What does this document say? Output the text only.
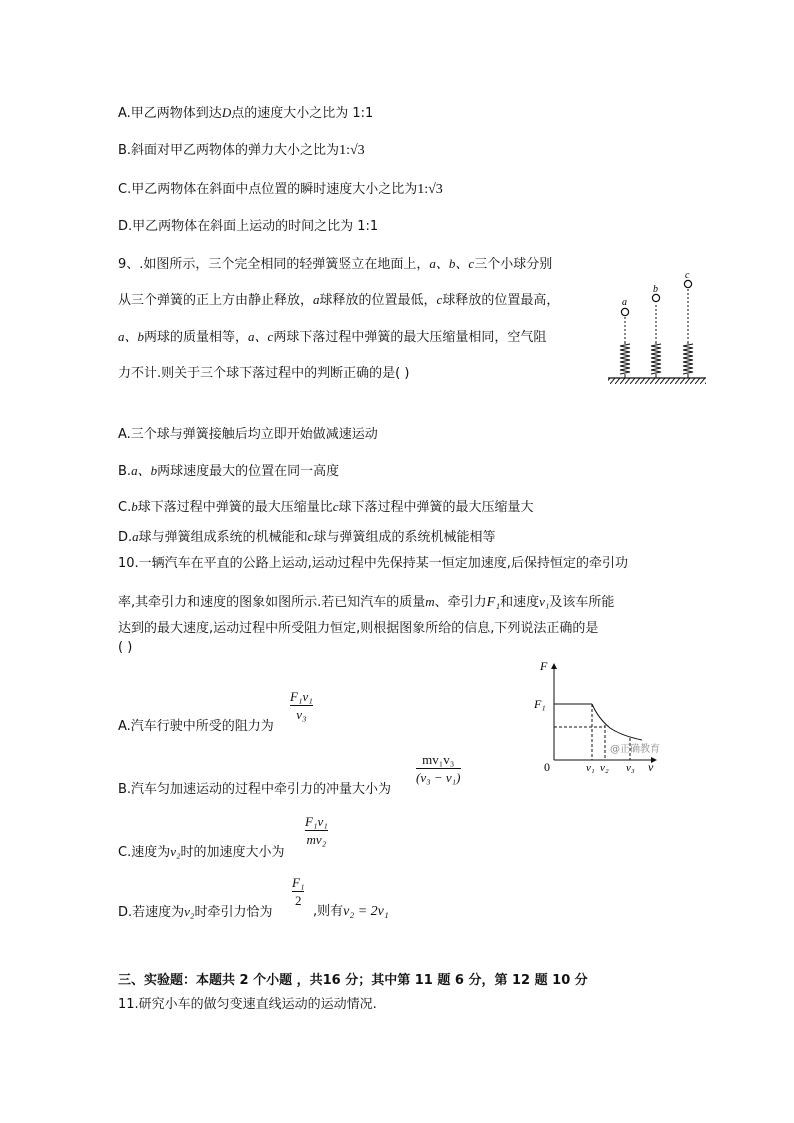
A.甲乙两物体到达D点的速度大小之比为 1:1
B.斜面对甲乙两物体的弹力大小之比为1:√3
C.甲乙两物体在斜面中点位置的瞬时速度大小之比为1:√3
D.甲乙两物体在斜面上运动的时间之比为 1:1
9、.如图所示，三个完全相同的轻弹簧竖立在地面上，a、b、c三个小球分别
从三个弹簧的正上方由静止释放，a球释放的位置最低，c球释放的位置最高，
a、b两球的质量相等，a、c两球下落过程中弹簧的最大压缩量相同，空气阻
力不计.则关于三个球下落过程中的判断正确的是( )
a
b
c
A.三个球与弹簧接触后均立即开始做减速运动
B.a、b两球速度最大的位置在同一高度
C.b球下落过程中弹簧的最大压缩量比c球下落过程中弹簧的最大压缩量大
D.a球与弹簧组成系统的机械能和c球与弹簧组成的系统机械能相等
10.一辆汽车在平直的公路上运动,运动过程中先保持某一恒定加速度,后保持恒定的牵引功
率,其牵引力和速度的图象如图所示.若已知汽车的质量m、牵引力F₁和速度v₁及该车所能
达到的最大速度,运动过程中所受阻力恒定,则根据图象所给的信息,下列说法正确的是
( )
A.汽车行驶中所受的阻力为
F₁v₁
v₃
B.汽车匀加速运动的过程中牵引力的冲量大小为
mv₁v₃
(v₃ − v₁)
C.速度为v₂时的加速度大小为
F₁v₁
mv₂
D.若速度为v₂时牵引力恰为
F₁
2
,则有v₂ = 2v₁
F
v
0
F₁
v₁ v₂ v₃
@正确教育
三、实验题：本题共 2 个小题 ，共16 分；其中第 11 题 6 分，第 12 题 10 分
11.研究小车的做匀变速直线运动的运动情况.
